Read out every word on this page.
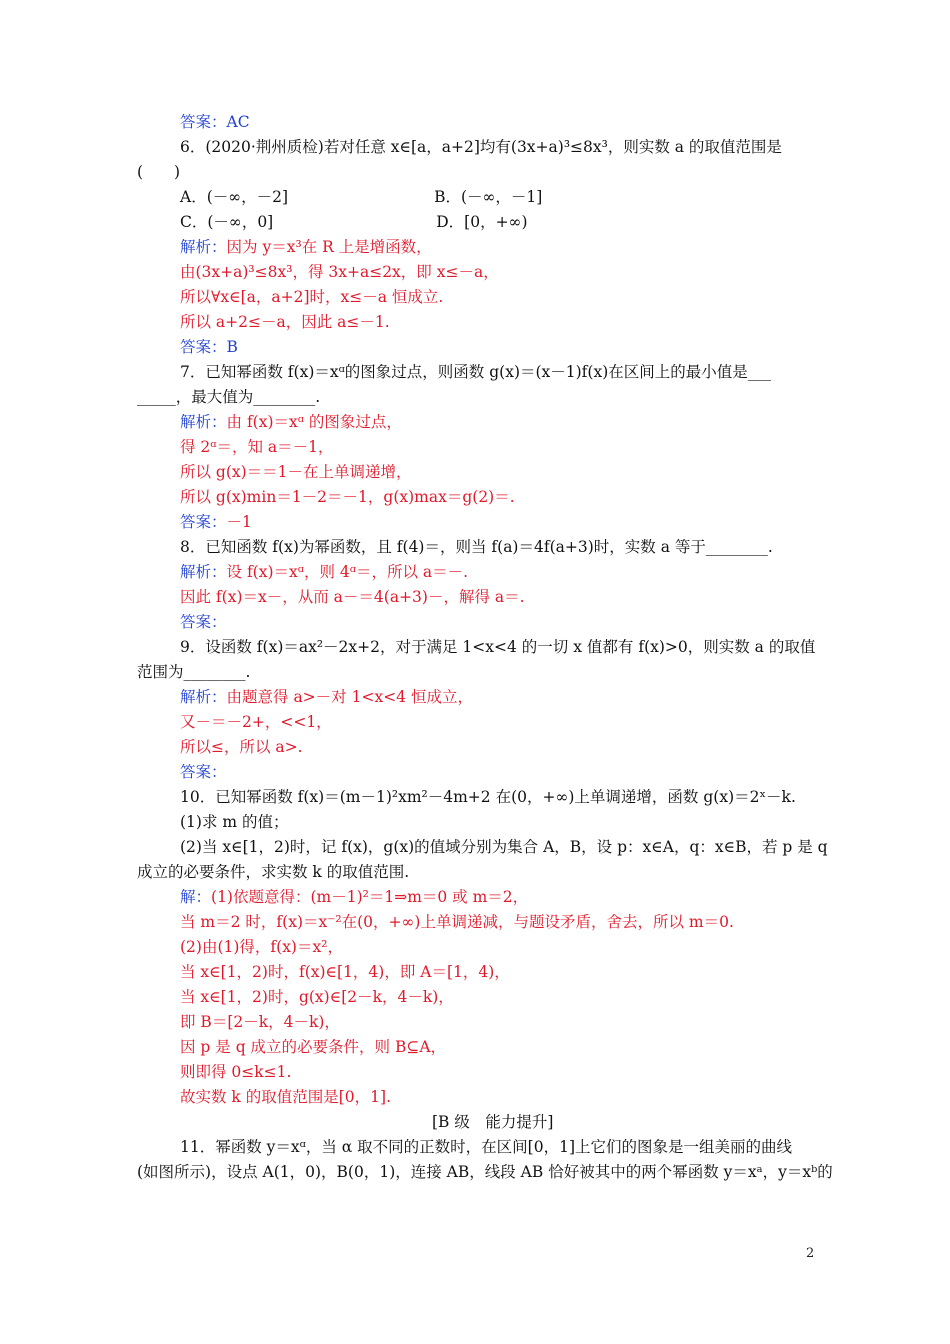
答案：AC
6．(2020·荆州质检)若对任意 x∈[a，a+2]均有(3x+a)³≤8x³，则实数 a 的取值范围是
(　　)
A．(－∞，－2]	B．(－∞，－1]
C．(－∞，0]	D．[0，+∞)
解析：因为 y＝x³在 R 上是增函数，
由(3x+a)³≤8x³，得 3x+a≤2x，即 x≤－a，
所以∀x∈[a，a+2]时，x≤－a 恒成立.
所以 a+2≤－a，因此 a≤－1.
答案：B
7．已知幂函数 f(x)＝xᵅ的图象过点，则函数 g(x)＝(x－1)f(x)在区间上的最小值是___
_____，最大值为________.
解析：由 f(x)＝xᵅ 的图象过点，
得 2ᵅ＝，知 a＝－1，
所以 g(x)＝＝1－在上单调递增，
所以 g(x)min＝1－2＝－1，g(x)max＝g(2)＝.
答案：－1
8．已知函数 f(x)为幂函数，且 f(4)＝，则当 f(a)＝4f(a+3)时，实数 a 等于________.
解析：设 f(x)＝xᵅ，则 4ᵅ＝，所以 a＝－.
因此 f(x)＝x－，从而 a－＝4(a+3)－，解得 a＝.
答案：
9．设函数 f(x)＝ax²－2x+2，对于满足 1<x<4 的一切 x 值都有 f(x)>0，则实数 a 的取值
范围为________.
解析：由题意得 a>－对 1<x<4 恒成立，
又－＝－2+，<<1，
所以≤，所以 a>.
答案：
10．已知幂函数 f(x)＝(m－1)²xm²－4m+2 在(0，+∞)上单调递增，函数 g(x)＝2ˣ－k.
(1)求 m 的值；
(2)当 x∈[1，2)时，记 f(x)，g(x)的值域分别为集合 A，B，设 p：x∈A，q：x∈B，若 p 是 q
成立的必要条件，求实数 k 的取值范围.
解：(1)依题意得：(m－1)²＝1⇒m＝0 或 m＝2，
当 m＝2 时，f(x)＝x⁻²在(0，+∞)上单调递减，与题设矛盾，舍去，所以 m＝0.
(2)由(1)得，f(x)＝x²，
当 x∈[1，2)时，f(x)∈[1，4)，即 A＝[1，4)，
当 x∈[1，2)时，g(x)∈[2－k，4－k)，
即 B＝[2－k，4－k)，
因 p 是 q 成立的必要条件，则 B⊆A，
则即得 0≤k≤1.
故实数 k 的取值范围是[0，1].
[B 级　能力提升]
11．幂函数 y＝xᵅ，当 α 取不同的正数时，在区间[0，1]上它们的图象是一组美丽的曲线
(如图所示)，设点 A(1，0)，B(0，1)，连接 AB，线段 AB 恰好被其中的两个幂函数 y＝xᵃ，y＝xᵇ的
2
